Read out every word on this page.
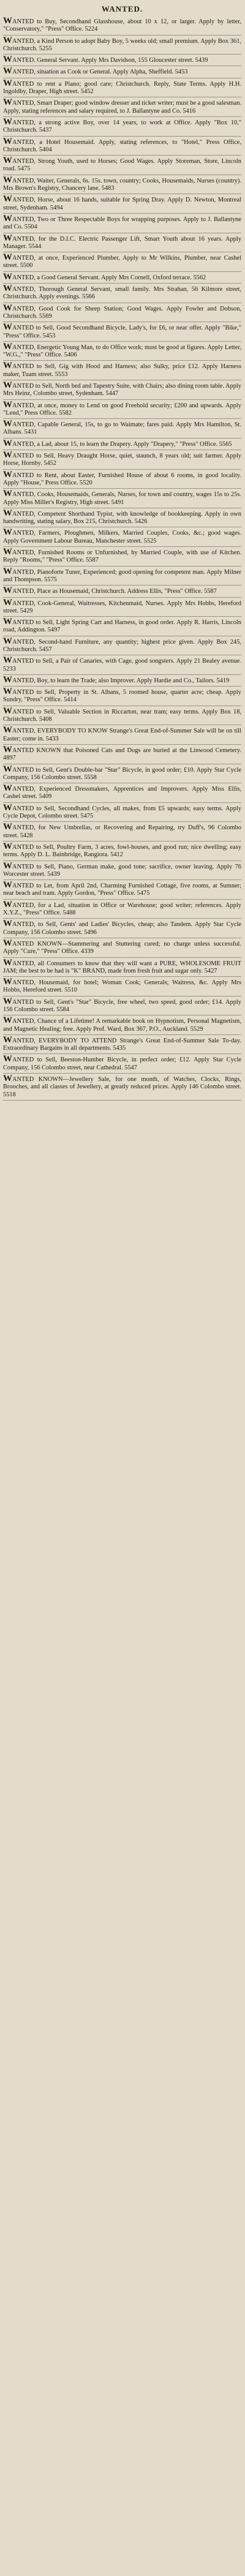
WANTED.
WANTED to Buy, Secondhand Glasshouse, about 10 x 12, or larger. Apply by letter, "Conservatory," "Press" Office. 5224
WANTED, a Kind Person to adopt Baby Boy, 5 weeks old; small premium. Apply Box 361, Christchurch. 5255
WANTED. General Servant. Apply Mrs Davidson, 155 Gloucester street. 5439
WANTED, situation as Cook or General. Apply Alpha, Sheffield. 5453
WANTED to rent a Piano; good care; Christchurch. Reply, State Terms. Apply H.H. Ingoldby, Draper, High street. 5452
WANTED, Smart Draper; good window dresser and ticket writer; must be a good salesman. Apply, stating references and salary required, to J. Ballantyne and Co. 5416
WANTED, a strong active Boy, over 14 years, to work at Office. Apply "Box 10," Christchurch. 5437
WANTED, a Hotel Housemaid. Apply, stating references, to "Hotel," Press Office, Christchurch. 5404
WANTED, Strong Youth, used to Horses; Good Wages. Apply Storeman, Store, Lincoln road. 5475
WANTED, Waiter, Generals, 6s. 15s. town, country; Cooks, Housemaids, Nurses (country). Mrs Brown's Registry, Chancery lane. 5483
WANTED, Horse, about 16 hands, suitable for Spring Dray. Apply D. Newton, Montreal street, Sydenham. 5494
WANTED, Two or Three Respectable Boys for wrapping purposes. Apply to J. Ballantyne and Co. 5504
WANTED, for the D.I.C. Electric Passenger Lift, Smart Youth about 16 years. Apply Manager. 5544
WANTED, at once, Experienced Plumber, Apply to Mr Wilkins, Plumber, near Cashel street. 5500
WANTED, a Good General Servant. Apply Mrs Cornell, Oxford terrace. 5562
WANTED, Thorough General Servant, small family. Mrs Strahan, 56 Kilmore street, Christchurch. Apply evenings. 5566
WANTED, Good Cook for Sheep Station; Good Wages. Apply Fowler and Dobson, Christchurch. 5569
WANTED to Sell, Good Secondhand Bicycle, Lady's, for £6, or near offer. Apply "Bike," "Press" Office. 5453
WANTED, Energetic Young Man, to do Office work; must be good at figures. Apply Letter, "W.G.," "Press" Office. 5406
WANTED to Sell, Gig with Hood and Harness; also Sulky, price £12. Apply Harness maker, Tuam street. 5553
WANTED to Sell, North bed and Tapestry Suite, with Chairs; also dining room table. Apply Mrs Heinz, Colombo street, Sydenham. 5447
WANTED, at once, money to Lend on good Freehold security; £200 and upwards. Apply "Lend," Press Office. 5582
WANTED, Capable General, 15s, to go to Waimate; fares paid. Apply Mrs Hamilton, St. Albans. 5431
WANTED, a Lad, about 15, to learn the Drapery. Apply "Drapery," "Press" Office. 5565
WANTED to Sell, Heavy Draught Horse, quiet, staunch, 8 years old; suit farmer. Apply Horse, Hornby. 5452
WANTED to Rent, about Easter, Furnished House of about 6 rooms, in good locality. Apply "House," Press Office. 5520
WANTED, Cooks, Housemaids, Generals, Nurses, for town and country, wages 15s to 25s. Apply Miss Miller's Registry, High street. 5491
WANTED, Competent Shorthand Typist, with knowledge of bookkeeping. Apply in own handwriting, stating salary, Box 215, Christchurch. 5426
WANTED, Farmers, Ploughmen, Milkers, Married Couples, Cooks, &c.; good wages. Apply Government Labour Bureau, Manchester street. 5525
WANTED, Furnished Rooms or Unfurnished, by Married Couple, with use of Kitchen. Reply "Rooms," "Press" Office. 5587
WANTED, Pianoforte Tuner, Experienced; good opening for competent man. Apply Milner and Thompson. 5575
WANTED, Place as Housemaid, Christchurch. Address Ellis, "Press" Office. 5587
WANTED, Cook-General, Waitresses, Kitchenmaid, Nurses. Apply Mrs Hobbs, Hereford street. 5429
WANTED to Sell, Light Spring Cart and Harness, in good order. Apply R. Harris, Lincoln road, Addington. 5497
WANTED, Second-hand Furniture, any quantity; highest price given. Apply Box 245, Christchurch. 5457
WANTED to Sell, a Pair of Canaries, with Cage, good songsters. Apply 21 Bealey avenue. 5233
WANTED, Boy, to learn the Trade; also Improver. Apply Hardie and Co., Tailors. 5419
WANTED to Sell, Property in St. Albans, 5 roomed house, quarter acre; cheap. Apply Sundry, "Press" Office. 5414
WANTED to Sell, Valuable Section in Riccarton, near tram; easy terms. Apply Box 18, Christchurch. 5408
WANTED, EVERYBODY TO KNOW Strange's Great End-of-Summer Sale will be on till Easter; come in. 5433
WANTED KNOWN that Poisoned Cats and Dogs are buried at the Linwood Cemetery. 4897
WANTED to Sell, Gent's Double-bar "Star" Bicycle, in good order; £10. Apply Star Cycle Company, 156 Colombo street. 5558
WANTED, Experienced Dressmakers, Apprentices and Improvers. Apply Miss Ellis, Cashel street. 5409
WANTED to Sell, Secondhand Cycles, all makes, from £5 upwards; easy terms. Apply Cycle Depot, Colombo street. 5475
WANTED, for New Umbrellas, or Recovering and Repairing, try Duff's, 96 Colombo street. 5428
WANTED to Sell, Poultry Farm, 3 acres, fowl-houses, and good run; nice dwelling; easy terms. Apply D. L. Bainbridge, Rangiora. 5412
WANTED to Sell, Piano, German make, good tone; sacrifice, owner leaving. Apply 76 Worcester street. 5439
WANTED to Let, from April 2nd, Charming Furnished Cottage, five rooms, at Sumner; near beach and tram. Apply Gordon, "Press" Office. 5475
WANTED, for a Lad, situation in Office or Warehouse; good writer; references. Apply X.Y.Z., "Press" Office. 5488
WANTED, to Sell, Gents' and Ladies' Bicycles, cheap; also Tandem. Apply Star Cycle Company, 156 Colombo street. 5496
WANTED KNOWN—Stammering and Stuttering cured; no charge unless successful. Apply "Cure," "Press" Office. 4339
WANTED, all Consumers to know that they will want a PURE, WHOLESOME FRUIT JAM; the best to be had is "K" BRAND, made from fresh fruit and sugar only. 5427
WANTED, Housemaid, for hotel; Woman Cook; Generals; Waitress, &c. Apply Mrs Hobbs, Hereford street. 5510
WANTED to Sell, Gent's "Star" Bicycle, free wheel, two speed, good order; £14. Apply 156 Colombo street. 5584
WANTED, Chance of a Lifetime! A remarkable book on Hypnotism, Personal Magnetism, and Magnetic Healing; free. Apply Prof. Ward, Box 367, P.O., Auckland. 5529
WANTED, EVERYBODY TO ATTEND Strange's Great End-of-Summer Sale To-day. Extraordinary Bargains in all departments. 5435
WANTED to Sell, Beeston-Humber Bicycle, in perfect order; £12. Apply Star Cycle Company, 156 Colombo street, near Cathedral. 5547
WANTED KNOWN—Jewellery Sale, for one month, of Watches, Clocks, Rings, Brooches, and all classes of Jewellery, at greatly reduced prices. Apply 146 Colombo street. 5518
